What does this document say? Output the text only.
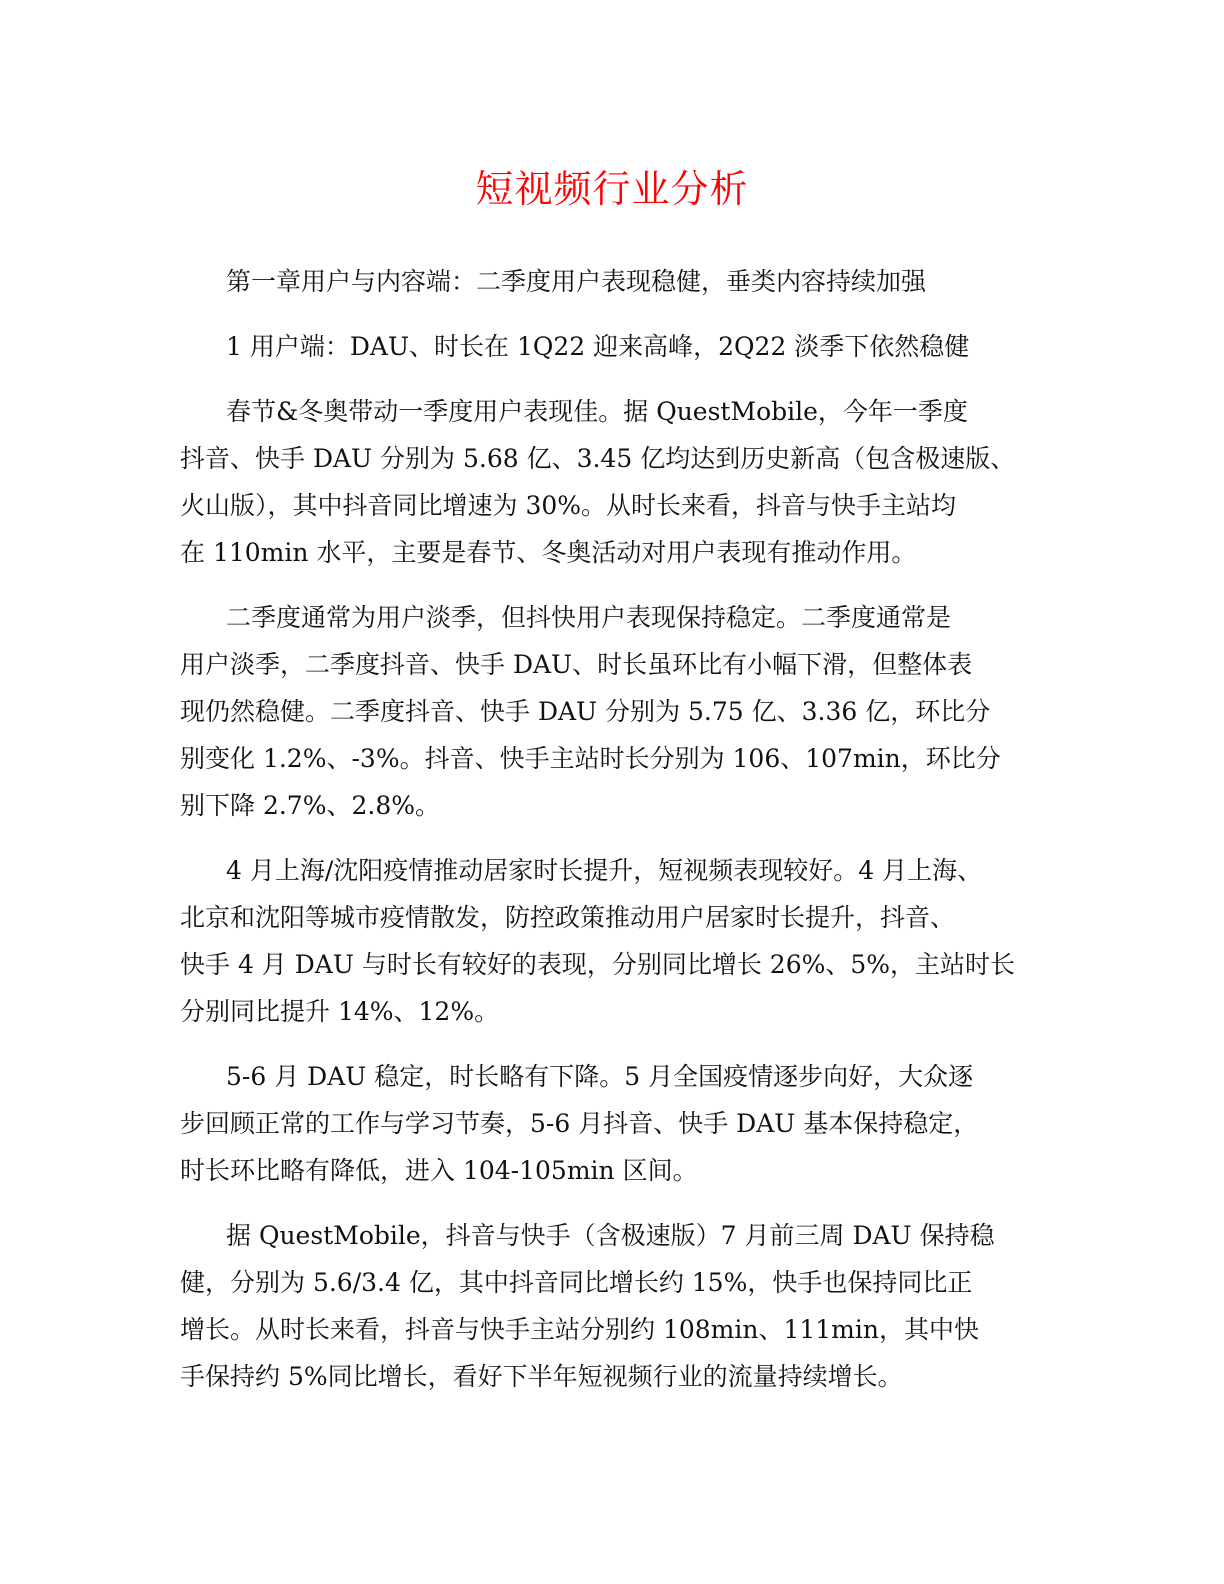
短视频行业分析
第一章用户与内容端：二季度用户表现稳健，垂类内容持续加强
1 用户端：DAU、时长在 1Q22 迎来高峰，2Q22 淡季下依然稳健

春节&冬奥带动一季度用户表现佳。据 QuestMobile，今年一季度
抖音、快手 DAU 分别为 5.68 亿、3.45 亿均达到历史新高（包含极速版、
火山版），其中抖音同比增速为 30%。从时长来看，抖音与快手主站均
在 110min 水平，主要是春节、冬奥活动对用户表现有推动作用。

二季度通常为用户淡季，但抖快用户表现保持稳定。二季度通常是
用户淡季，二季度抖音、快手 DAU、时长虽环比有小幅下滑，但整体表
现仍然稳健。二季度抖音、快手 DAU 分别为 5.75 亿、3.36 亿，环比分
别变化 1.2%、-3%。抖音、快手主站时长分别为 106、107min，环比分
别下降 2.7%、2.8%。

4 月上海/沈阳疫情推动居家时长提升，短视频表现较好。4 月上海、
北京和沈阳等城市疫情散发，防控政策推动用户居家时长提升，抖音、
快手 4 月 DAU 与时长有较好的表现，分别同比增长 26%、5%，主站时长
分别同比提升 14%、12%。

5-6 月 DAU 稳定，时长略有下降。5 月全国疫情逐步向好，大众逐
步回顾正常的工作与学习节奏，5-6 月抖音、快手 DAU 基本保持稳定，
时长环比略有降低，进入 104-105min 区间。

据 QuestMobile，抖音与快手（含极速版）7 月前三周 DAU 保持稳
健，分别为 5.6/3.4 亿，其中抖音同比增长约 15%，快手也保持同比正
增长。从时长来看，抖音与快手主站分别约 108min、111min，其中快
手保持约 5%同比增长，看好下半年短视频行业的流量持续增长。
